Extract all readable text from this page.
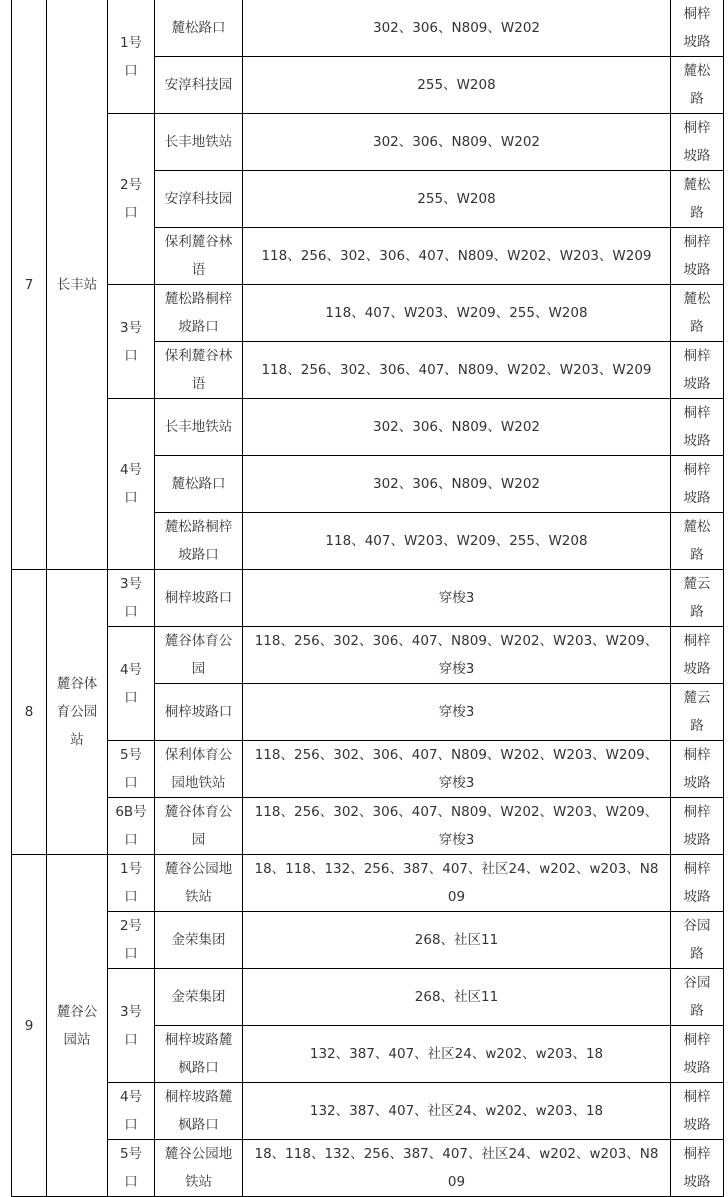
7	长丰站	1号口	麓松路口	302、306、N809、W202	桐梓坡路
			安淳科技园	255、W208	麓松路
		2号口	长丰地铁站	302、306、N809、W202	桐梓坡路
			安淳科技园	255、W208	麓松路
			保利麓谷林语	118、256、302、306、407、N809、W202、W203、W209	桐梓坡路
		3号口	麓松路桐梓坡路口	118、407、W203、W209、255、W208	麓松路
			保利麓谷林语	118、256、302、306、407、N809、W202、W203、W209	桐梓坡路
		4号口	长丰地铁站	302、306、N809、W202	桐梓坡路
			麓松路口	302、306、N809、W202	桐梓坡路
			麓松路桐梓坡路口	118、407、W203、W209、255、W208	麓松路
8	麓谷体育公园站	3号口	桐梓坡路口	穿梭3	麓云路
		4号口	麓谷体育公园	118、256、302、306、407、N809、W202、W203、W209、穿梭3	桐梓坡路
			桐梓坡路口	穿梭3	麓云路
		5号口	保利体育公园地铁站	118、256、302、306、407、N809、W202、W203、W209、穿梭3	桐梓坡路
		6B号口	麓谷体育公园	118、256、302、306、407、N809、W202、W203、W209、穿梭3	桐梓坡路
9	麓谷公园站	1号口	麓谷公园地铁站	18、118、132、256、387、407、社区24、w202、w203、N809	桐梓坡路
		2号口	金荣集团	268、社区11	谷园路
		3号口	金荣集团	268、社区11	谷园路
			桐梓坡路麓枫路口	132、387、407、社区24、w202、w203、18	桐梓坡路
		4号口	桐梓坡路麓枫路口	132、387、407、社区24、w202、w203、18	桐梓坡路
		5号口	麓谷公园地铁站	18、118、132、256、387、407、社区24、w202、w203、N809	桐梓坡路
